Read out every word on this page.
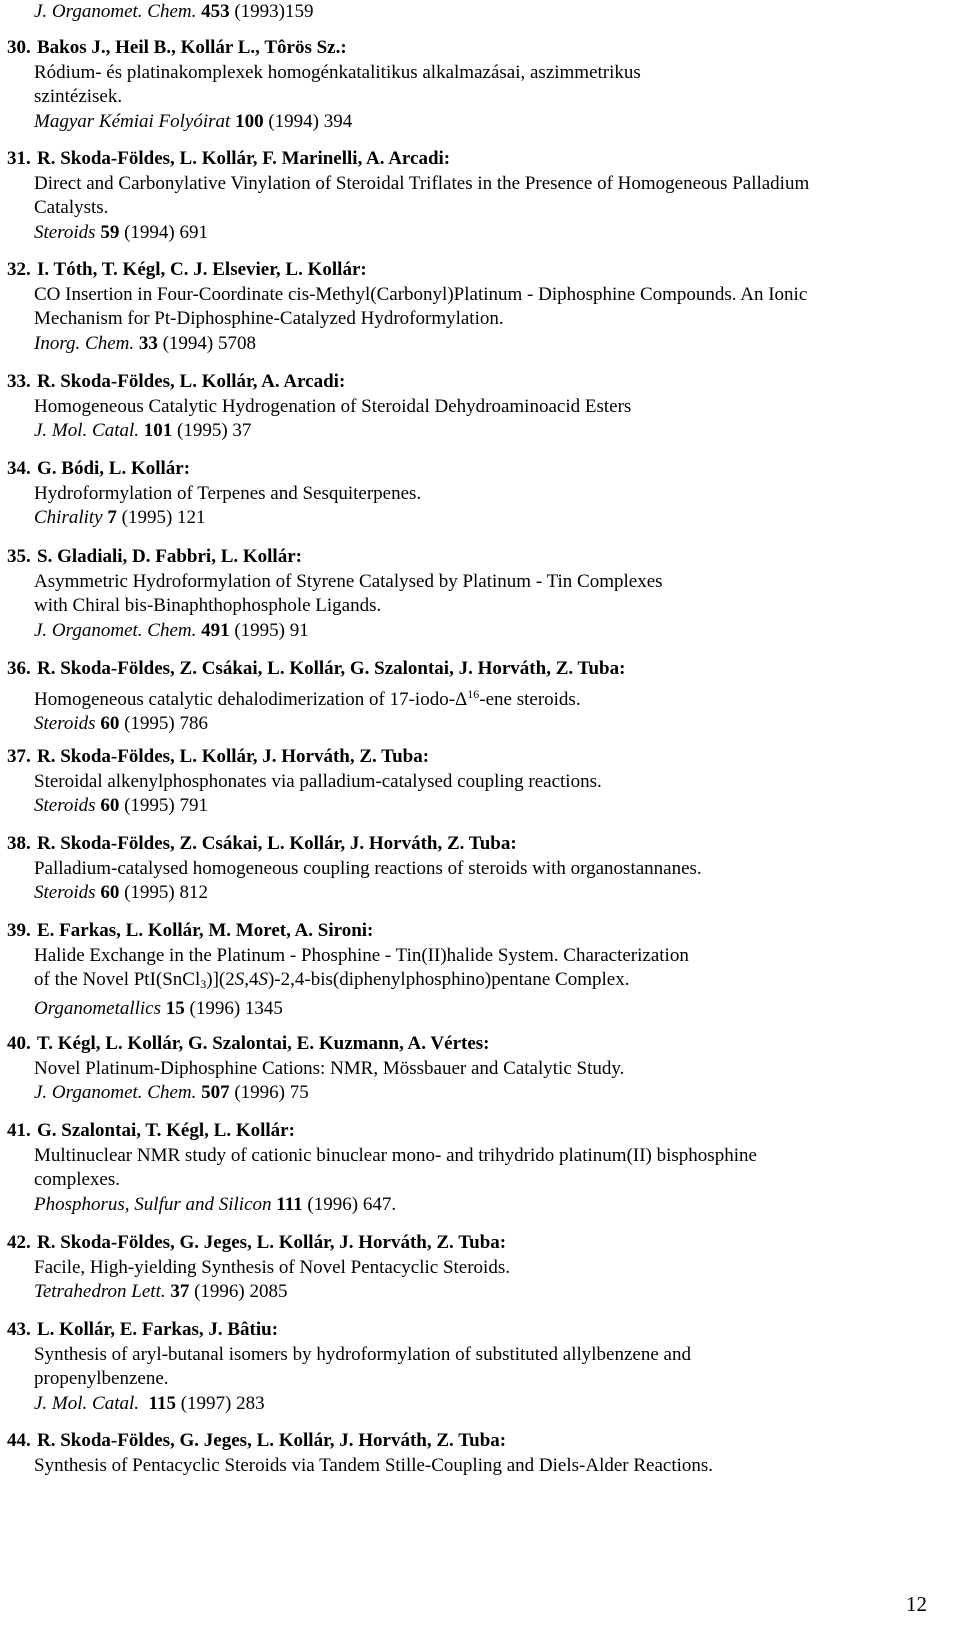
J. Organomet. Chem. 453 (1993)159
30. Bakos J., Heil B., Kollár L., Tôrös Sz.:
Ródium- és platinakomplexek homogénkatalitikus alkalmazásai, aszimmetrikus
szintézisek.
Magyar Kémiai Folyóirat 100 (1994) 394
31. R. Skoda-Földes, L. Kollár, F. Marinelli, A. Arcadi:
Direct and Carbonylative Vinylation of Steroidal Triflates in the Presence of Homogeneous Palladium
Catalysts.
Steroids 59 (1994) 691
32. I. Tóth, T. Kégl, C. J. Elsevier, L. Kollár:
CO Insertion in Four-Coordinate cis-Methyl(Carbonyl)Platinum - Diphosphine Compounds. An Ionic
Mechanism for Pt-Diphosphine-Catalyzed Hydroformylation.
Inorg. Chem. 33 (1994) 5708
33. R. Skoda-Földes, L. Kollár, A. Arcadi:
Homogeneous Catalytic Hydrogenation of Steroidal Dehydroaminoacid Esters
J. Mol. Catal. 101 (1995) 37
34. G. Bódi, L. Kollár:
Hydroformylation of Terpenes and Sesquiterpenes.
Chirality 7 (1995) 121
35. S. Gladiali, D. Fabbri, L. Kollár:
Asymmetric Hydroformylation of Styrene Catalysed by Platinum - Tin Complexes
with Chiral bis-Binaphthophosphole Ligands.
J. Organomet. Chem. 491 (1995) 91
36. R. Skoda-Földes, Z. Csákai, L. Kollár, G. Szalontai, J. Horváth, Z. Tuba:
Homogeneous catalytic dehalodimerization of $17-iodo-\Delta^{16}$-ene steroids.
Steroids 60 (1995) 786
37. R. Skoda-Földes, L. Kollár, J. Horváth, Z. Tuba:
Steroidal alkenylphosphonates via palladium-catalysed coupling reactions.
Steroids 60 (1995) 791
38. R. Skoda-Földes, Z. Csákai, L. Kollár, J. Horváth, Z. Tuba:
Palladium-catalysed homogeneous coupling reactions of steroids with organostannanes.
Steroids 60 (1995) 812
39. E. Farkas, L. Kollár, M. Moret, A. Sironi:
Halide Exchange in the Platinum - Phosphine - Tin(II)halide System. Characterization
of the Novel PtI(SnCl$_3$)](2S,4S)-2,4-bis(diphenylphosphino)pentane Complex.
Organometallics 15 (1996) 1345
40. T. Kégl, L. Kollár, G. Szalontai, E. Kuzmann, A. Vértes:
Novel Platinum-Diphosphine Cations: NMR, Mössbauer and Catalytic Study.
J. Organomet. Chem. 507 (1996) 75
41. G. Szalontai, T. Kégl, L. Kollár:
Multinuclear NMR study of cationic binuclear mono- and trihydrido platinum(II) bisphosphine
complexes.
Phosphorus, Sulfur and Silicon 111 (1996) 647.
42. R. Skoda-Földes, G. Jeges, L. Kollár, J. Horváth, Z. Tuba:
Facile, High-yielding Synthesis of Novel Pentacyclic Steroids.
Tetrahedron Lett. 37 (1996) 2085
43. L. Kollár, E. Farkas, J. Bâtiu:
Synthesis of aryl-butanal isomers by hydroformylation of substituted allylbenzene and
propenylbenzene.
J. Mol. Catal. 115 (1997) 283
44. R. Skoda-Földes, G. Jeges, L. Kollár, J. Horváth, Z. Tuba:
Synthesis of Pentacyclic Steroids via Tandem Stille-Coupling and Diels-Alder Reactions.
12
